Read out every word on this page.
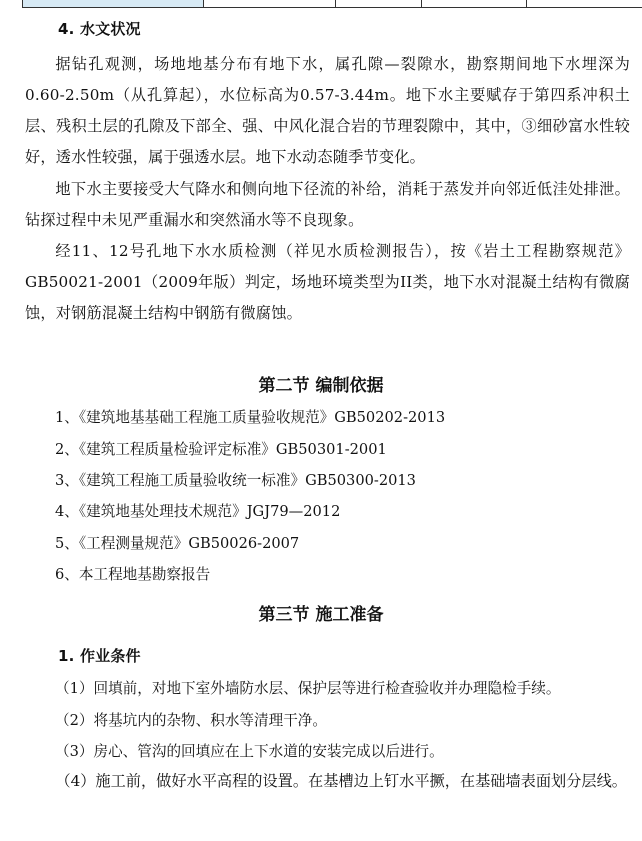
4. 水文状况
据钻孔观测，场地地基分布有地下水，属孔隙—裂隙水，勘察期间地下水埋深为0.60-2.50m（从孔算起），水位标高为0.57-3.44m。地下水主要赋存于第四系冲积土层、残积土层的孔隙及下部全、强、中风化混合岩的节理裂隙中，其中，③细砂富水性较好，透水性较强，属于强透水层。地下水动态随季节变化。
地下水主要接受大气降水和侧向地下径流的补给，消耗于蒸发并向邻近低洼处排泄。钻探过程中未见严重漏水和突然涌水等不良现象。
经11、12号孔地下水水质检测（祥见水质检测报告），按《岩土工程勘察规范》GB50021-2001（2009年版）判定，场地环境类型为II类，地下水对混凝土结构有微腐蚀，对钢筋混凝土结构中钢筋有微腐蚀。
第二节 编制依据
1、《建筑地基基础工程施工质量验收规范》GB50202-2013
2、《建筑工程质量检验评定标准》GB50301-2001
3、《建筑工程施工质量验收统一标准》GB50300-2013
4、《建筑地基处理技术规范》JGJ79—2012
5、《工程测量规范》GB50026-2007
6、本工程地基勘察报告
第三节 施工准备
1. 作业条件
（1）回填前，对地下室外墙防水层、保护层等进行检查验收并办理隐检手续。
（2）将基坑内的杂物、积水等清理干净。
（3）房心、管沟的回填应在上下水道的安装完成以后进行。
（4）施工前，做好水平高程的设置。在基槽边上钉水平撅，在基础墙表面划分层线。
